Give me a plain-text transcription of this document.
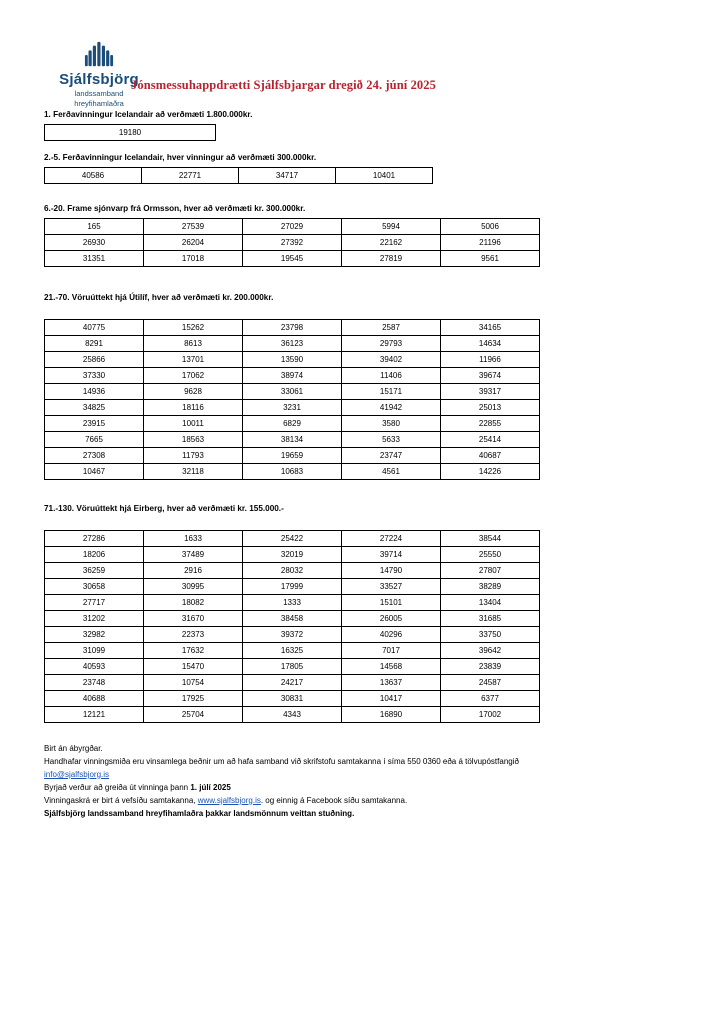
Sjálfsbjörg
landssamband
hreyfihamlaðra
Jónsmessuhappdrætti Sjálfsbjargar dregið 24. júní 2025
1. Ferðavinningur Icelandair að verðmæti 1.800.000kr.
19180
2.-5. Ferðavinningur Icelandair, hver vinningur að verðmæti 300.000kr.
40586	22771	34717	10401
6.-20. Frame sjónvarp frá Ormsson, hver að verðmæti kr. 300.000kr.
165	27539	27029	5994	5006
26930	26204	27392	22162	21196
31351	17018	19545	27819	9561
21.-70. Vöruúttekt hjá Útilíf, hver að verðmæti kr. 200.000kr.
40775	15262	23798	2587	34165
8291	8613	36123	29793	14634
25866	13701	13590	39402	11966
37330	17062	38974	11406	39674
14936	9628	33061	15171	39317
34825	18116	3231	41942	25013
23915	10011	6829	3580	22855
7665	18563	38134	5633	25414
27308	11793	19659	23747	40687
10467	32118	10683	4561	14226
71.-130. Vöruúttekt hjá Eirberg, hver að verðmæti kr. 155.000.-
27286	1633	25422	27224	38544
18206	37489	32019	39714	25550
36259	2916	28032	14790	27807
30658	30995	17999	33527	38289
27717	18082	1333	15101	13404
31202	31670	38458	26005	31685
32982	22373	39372	40296	33750
31099	17632	16325	7017	39642
40593	15470	17805	14568	23839
23748	10754	24217	13637	24587
40688	17925	30831	10417	6377
12121	25704	4343	16890	17002
Birt án ábyrgðar.
Handhafar vinningsmiða eru vinsamlega beðnir um að hafa samband við skrifstofu samtakanna í síma 550 0360 eða á tölvupóstfangið
info@sjalfsbjorg.is
Byrjað verður að greiða út vinninga þann 1. júlí 2025
Vinningaskrá er birt á vefsíðu samtakanna, www.sjalfsbjorg.is. og einnig á Facebook síðu samtakanna.
Sjálfsbjörg landssamband hreyfihamlaðra þakkar landsmönnum veittan stuðning.
